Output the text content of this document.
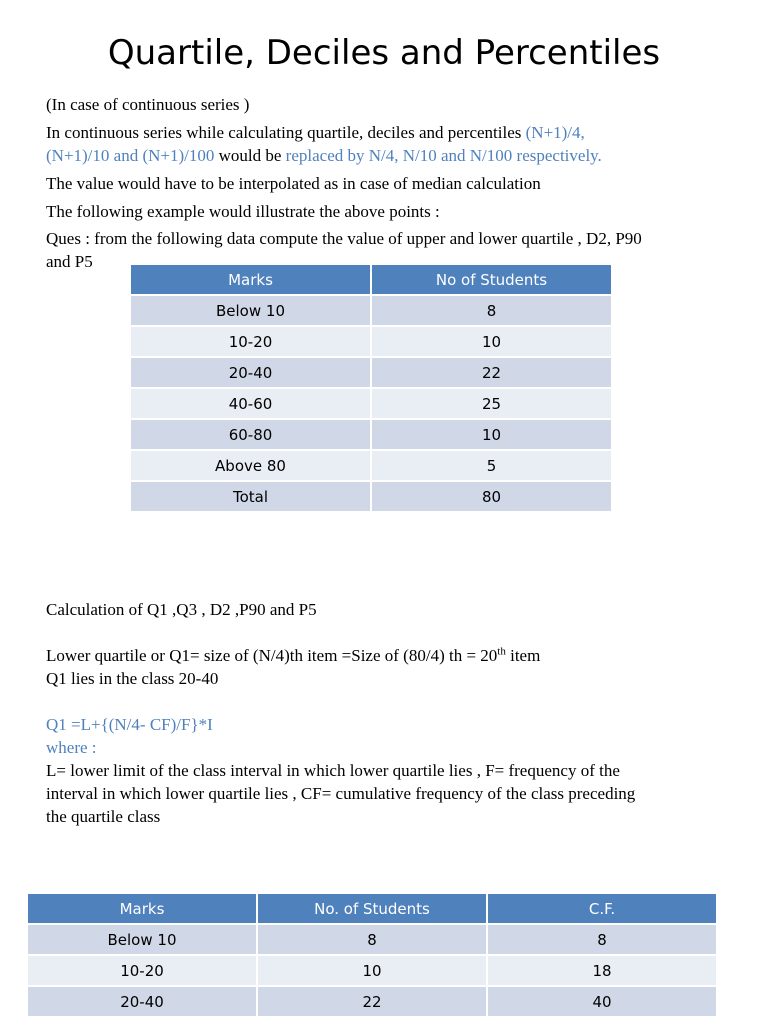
Quartile, Deciles and Percentiles
(In case of continuous series )
In continuous series while calculating quartile, deciles and percentiles (N+1)/4,
(N+1)/10 and (N+1)/100 would be replaced by N/4, N/10 and N/100 respectively.
The value would have to be interpolated as in case of median calculation
The following example would illustrate the above points :
Ques : from the following data compute the value of upper and lower quartile , D2, P90
and P5
Marks	No of Students
Below 10	8
10-20	10
20-40	22
40-60	25
60-80	10
Above 80	5
Total	80
Calculation of Q1 ,Q3 , D2 ,P90 and P5
Lower quartile or Q1= size of (N/4)th item =Size of (80/4) th = 20th item
Q1 lies in the class 20-40
Q1 =L+{(N/4- CF)/F}*I
where :
L= lower limit of the class interval in which lower quartile lies , F= frequency of the
interval in which lower quartile lies , CF= cumulative frequency of the class preceding
the quartile class
Marks	No. of Students	C.F.
Below 10	8	8
10-20	10	18
20-40	22	40
